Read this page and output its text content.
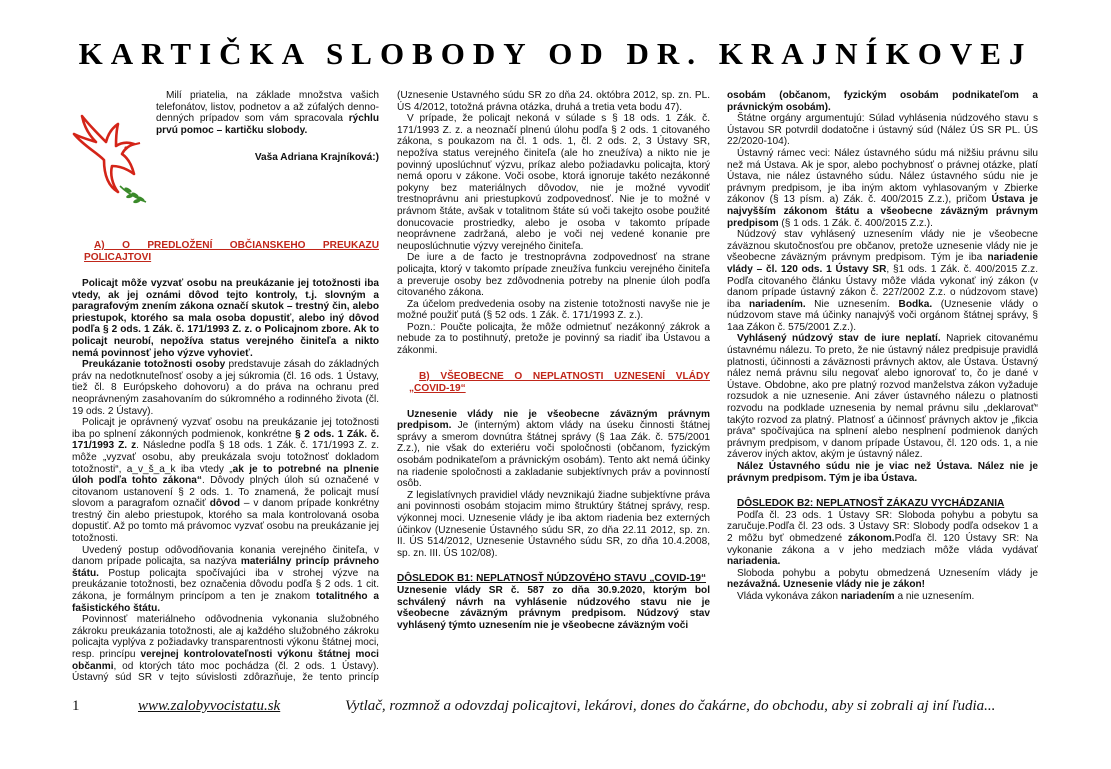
KARTIČKA SLOBODY OD DR. KRAJNÍKOVEJ

Milí priatelia, na základe množstva vašich telefonátov, listov, podnetov a až zúfalých denno-denných prípadov som vám spracovala rýchlu prvú pomoc – kartičku slobody.

Vaša Adriana Krajníková:)

A) O PREDLOŽENÍ OBČIANSKEHO PREUKAZU POLICAJTOVI

Policajt môže vyzvať osobu na preukázanie jej totožnosti iba vtedy, ak jej oznámi dôvod tejto kontroly, t.j. slovným a paragrafovým znením zákona označí skutok – trestný čin, alebo priestupok, ktorého sa mala osoba dopustiť, alebo iný dôvod podľa § 2 ods. 1 Zák. č. 171/1993 Z. z. o Policajnom zbore. Ak to policajt neurobí, nepožíva status verejného činiteľa a nikto nemá povinnosť jeho výzve vyhovieť.

Preukázanie totožnosti osoby predstavuje zásah do základných práv na nedotknuteľnosť osoby a jej súkromia (čl. 16 ods. 1 Ústavy, tiež čl. 8 Európskeho dohovoru) a do práva na ochranu pred neoprávneným zasahovaním do súkromného a rodinného života (čl. 19 ods. 2 Ústavy).

Policajt je oprávnený vyzvať osobu na preukázanie jej totožnosti iba po splnení zákonných podmienok, konkrétne § 2 ods. 1 Zák. č. 171/1993 Z. z. Následne podľa § 18 ods. 1 Zák. č. 171/1993 Z. z. môže „vyzvať osobu, aby preukázala svoju totožnosť dokladom totožnosti“, a_v_š_a_k iba vtedy „ak je to potrebné na plnenie úloh podľa tohto zákona“. Dôvody plných úloh sú označené v citovanom ustanovení § 2 ods. 1. To znamená, že policajt musí slovom a paragrafom označiť dôvod – v danom prípade konkrétny trestný čin alebo priestupok, ktorého sa mala kontrolovaná osoba dopustiť. Až po tomto má právomoc vyzvať osobu na preukázanie jej totožnosti.

Uvedený postup odôvodňovania konania verejného činiteľa, v danom prípade policajta, sa nazýva materiálny princíp právneho štátu. Postup policajta spočívajúci iba v strohej výzve na preukázanie totožnosti, bez označenia dôvodu podľa § 2 ods. 1 cit. zákona, je formálnym princípom a ten je znakom totalitného a fašistického štátu.

Povinnosť materiálneho odôvodnenia vykonania služobného zákroku preukázania totožnosti, ale aj každého služobného zákroku policajta vyplýva z požiadavky transparentnosti výkonu štátnej moci, resp. princípu verejnej kontrolovateľnosti výkonu štátnej moci občanmi, od ktorých táto moc pochádza (čl. 2 ods. 1 Ústavy). Ústavný súd SR v tejto súvislosti zdôrazňuje, že tento princíp

(Uznesenie Ústavného súdu SR zo dňa 24. októbra 2012, sp. zn. PL. ÚS 4/2012, totožná právna otázka, druhá a tretia veta bodu 47).

V prípade, že policajt nekoná v súlade s § 18 ods. 1 Zák. č. 171/1993 Z. z. a neoznačí plnenú úlohu podľa § 2 ods. 1 citovaného zákona, s poukazom na čl. 1 ods. 1, čl. 2 ods. 2, 3 Ústavy SR, nepožíva status verejného činiteľa (ale ho zneužíva) a nikto nie je povinný uposlúchnuť výzvu, príkaz alebo požiadavku policajta, ktorý nemá oporu v zákone. Voči osobe, ktorá ignoruje takéto nezákonné pokyny bez materiálnych dôvodov, nie je možné vyvodiť trestnoprávnu ani priestupkovú zodpovednosť. Nie je to možné v právnom štáte, avšak v totalitnom štáte sú voči takejto osobe použité donucovacie prostriedky, alebo je osoba v takomto prípade neoprávnene zadržaná, alebo je voči nej vedené konanie pre neuposlúchnutie výzvy verejného činiteľa.

De iure a de facto je trestnoprávna zodpovednosť na strane policajta, ktorý v takomto prípade zneužíva funkciu verejného činiteľa a preveruje osoby bez zdôvodnenia potreby na plnenie úloh podľa citovaného zákona.

Za účelom predvedenia osoby na zistenie totožnosti navyše nie je možné použiť putá (§ 52 ods. 1 Zák. č. 171/1993 Z. z.).

Pozn.: Poučte policajta, že môže odmietnuť nezákonný zákrok a nebude za to postihnutý, pretože je povinný sa riadiť iba Ústavou a zákonmi.

B) VŠEOBECNE O NEPLATNOSTI UZNESENÍ VLÁDY „COVID-19“

Uznesenie vlády nie je všeobecne záväzným právnym predpisom. Je (interným) aktom vlády na úseku činnosti štátnej správy a smerom dovnútra štátnej správy (§ 1aa Zák. č. 575/2001 Z.z.), nie však do exteriéru voči spoločnosti (občanom, fyzickým osobám podnikateľom a právnickým osobám). Tento akt nemá účinky na riadenie spoločnosti a zakladanie subjektívnych práv a povinností osôb.

Z legislatívnych pravidiel vlády nevznikajú žiadne subjektívne práva ani povinnosti osobám stojacim mimo štruktúry štátnej správy, resp. výkonnej moci. Uznesenie vlády je iba aktom riadenia bez externých účinkov (Uznesenie Ústavného súdu SR, zo dňa 22.11 2012, sp. zn. II. ÚS 514/2012, Uznesenie Ústavného súdu SR, zo dňa 10.4.2008, sp. zn. III. ÚS 102/08).

DÔSLEDOK B1: NEPLATNOSŤ NÚDZOVÉHO STAVU „COVID-19“

Uznesenie vlády SR č. 587 zo dňa 30.9.2020, ktorým bol schválený návrh na vyhlásenie núdzového stavu nie je všeobecne záväzným právnym predpisom. Núdzový stav vyhlásený týmto uznesením nie je všeobecne záväzným voči

osobám (občanom, fyzickým osobám podnikateľom a právnickým osobám).

Štátne orgány argumentujú: Súlad vyhlásenia núdzového stavu s Ústavou SR potvrdil dodatočne i ústavný súd (Nález ÚS SR PL. ÚS 22/2020-104).

Ústavný rámec veci: Nález ústavného súdu má nižšiu právnu silu než má Ústava. Ak je spor, alebo pochybnosť o právnej otázke, platí Ústava, nie nález ústavného súdu. Nález ústavného súdu nie je právnym predpisom, je iba iným aktom vyhlasovaným v Zbierke zákonov (§ 13 písm. a) Zák. č. 400/2015 Z.z.), pričom Ústava je najvyšším zákonom štátu a všeobecne záväzným právnym predpisom (§ 1 ods. 1 Zák. č. 400/2015 Z.z.).

Núdzový stav vyhlásený uznesením vlády nie je všeobecne záväznou skutočnosťou pre občanov, pretože uznesenie vlády nie je všeobecne záväzným právnym predpisom. Tým je iba nariadenie vlády – čl. 120 ods. 1 Ústavy SR, §1 ods. 1 Zák. č. 400/2015 Z.z. Podľa citovaného článku Ústavy môže vláda vykonať iný zákon (v danom prípade ústavný zákon č. 227/2002 Z.z. o núdzovom stave) iba nariadením. Nie uznesením. Bodka. (Uznesenie vlády o núdzovom stave má účinky nanajvýš voči orgánom štátnej správy, § 1aa Zákon č. 575/2001 Z.z.).

Vyhlásený núdzový stav de iure neplatí. Napriek citovanému ústavnému nálezu. To preto, že nie ústavný nález predpisuje pravidlá platnosti, účinnosti a záväznosti právnych aktov, ale Ústava. Ústavný nález nemá právnu silu negovať alebo ignorovať to, čo je dané v Ústave. Obdobne, ako pre platný rozvod manželstva zákon vyžaduje rozsudok a nie uznesenie. Ani záver ústavného nálezu o platnosti rozvodu na podklade uznesenia by nemal právnu silu „deklarovať“ takýto rozvod za platný. Platnosť a účinnosť právnych aktov je „fikcia práva“ spočívajúca na splnení alebo nesplnení podmienok daných právnym predpisom, v danom prípade Ústavou, čl. 120 ods. 1, a nie záverov iných aktov, akým je ústavný nález.

Nález Ústavného súdu nie je viac než Ústava. Nález nie je právnym predpisom. Tým je iba Ústava.

DÔSLEDOK B2: NEPLATNOSŤ ZÁKAZU VYCHÁDZANIA

Podľa čl. 23 ods. 1 Ústavy SR: Sloboda pohybu a pobytu sa zaručuje.Podľa čl. 23 ods. 3 Ústavy SR: Slobody podľa odsekov 1 a 2 môžu byť obmedzené zákonom.Podľa čl. 120 Ústavy SR: Na vykonanie zákona a v jeho medziach môže vláda vydávať nariadenia.

Sloboda pohybu a pobytu obmedzená Uznesením vlády je nezávažná. Uznesenie vlády nie je zákon!

Vláda vykonáva zákon nariadením a nie uznesením.

1	www.zalobyvocistatu.sk	Vytlač, rozmnož a odovzdaj policajtovi, lekárovi, dones do čakárne, do obchodu, aby si zobrali aj iní ľudia...
